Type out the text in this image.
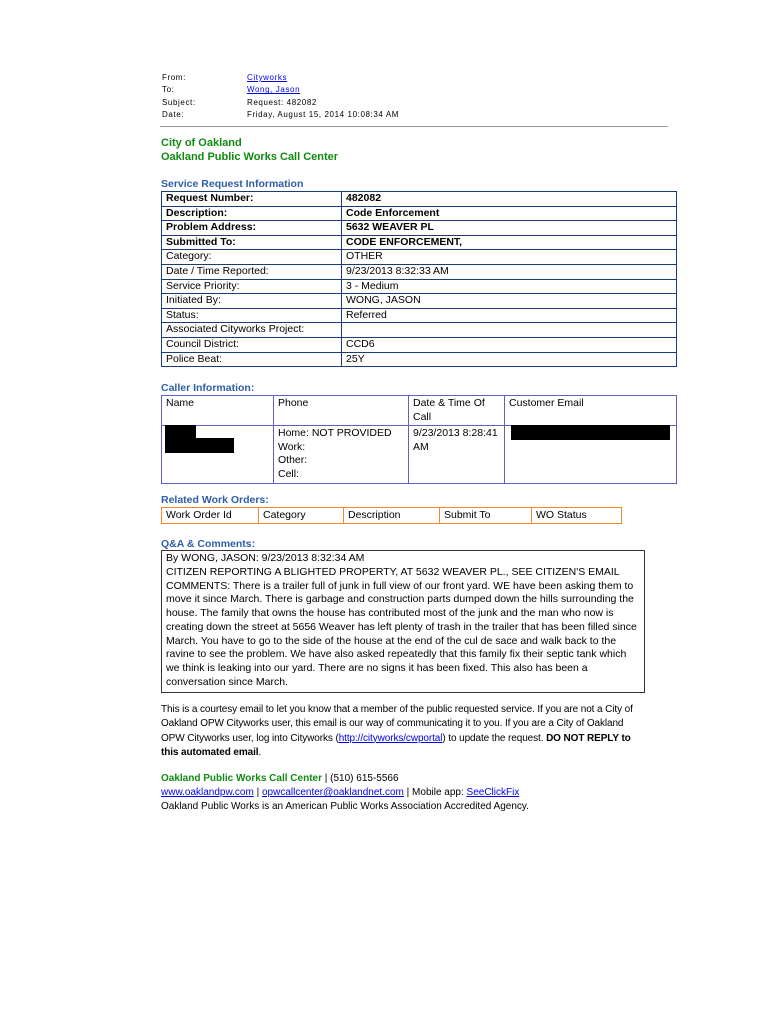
From:	Cityworks
To:	Wong, Jason
Subject:	Request: 482082
Date:	Friday, August 15, 2014 10:08:34 AM
City of Oakland
Oakland Public Works Call Center
Service Request Information
Request Number:	482082
Description:	Code Enforcement
Problem Address:	5632 WEAVER PL
Submitted To:	CODE ENFORCEMENT,
Category:	OTHER
Date / Time Reported:	9/23/2013 8:32:33 AM
Service Priority:	3 - Medium
Initiated By:	WONG, JASON
Status:	Referred
Associated Cityworks Project:	
Council District:	CCD6
Police Beat:	25Y
Caller Information:
Name	Phone	Date & Time Of Call	Customer Email

	Home: NOT PROVIDED
Work:
Other:
Cell:	9/23/2013 8:28:41 AM	
Related Work Orders:
Work Order Id	Category	Description	Submit To	WO Status
Q&A & Comments:
By WONG, JASON: 9/23/2013 8:32:34 AM
CITIZEN REPORTING A BLIGHTED PROPERTY, AT 5632 WEAVER PL., SEE CITIZEN'S EMAIL COMMENTS: There is a trailer full of junk in full view of our front yard. WE have been asking them to move it since March. There is garbage and construction parts dumped down the hills surrounding the house. The family that owns the house has contributed most of the junk and the man who now is creating down the street at 5656 Weaver has left plenty of trash in the trailer that has been filled since March. You have to go to the side of the house at the end of the cul de sace and walk back to the ravine to see the problem. We have also asked repeatedly that this family fix their septic tank which we think is leaking into our yard. There are no signs it has been fixed. This also has been a conversation since March.
This is a courtesy email to let you know that a member of the public requested service. If you are not a City of Oakland OPW Cityworks user, this email is our way of communicating it to you. If you are a City of Oakland OPW Cityworks user, log into Cityworks (http://cityworks/cwportal) to update the request. DO NOT REPLY to this automated email.
Oakland Public Works Call Center | (510) 615-5566
www.oaklandpw.com | opwcallcenter@oaklandnet.com | Mobile app: SeeClickFix
Oakland Public Works is an American Public Works Association Accredited Agency.
